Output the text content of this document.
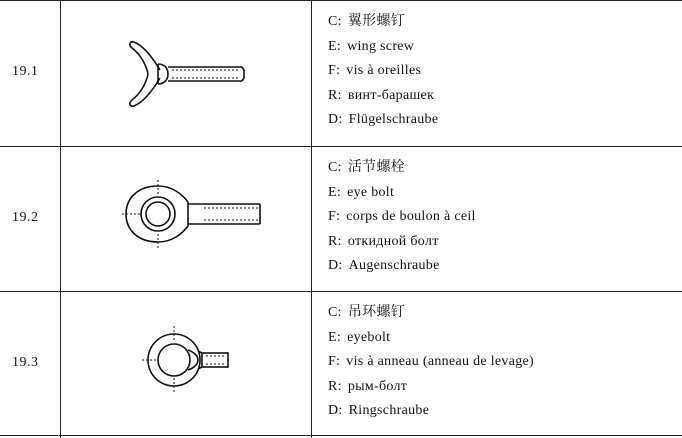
19.1
C: 翼形螺钉
E: wing screw
F: vis à oreilles
R: винт-барашек
D: Flügelschraube
19.2
C: 活节螺栓
E: eye bolt
F: corps de boulon à ceil
R: откидной болт
D: Augenschraube
19.3
C: 吊环螺钉
E: eyebolt
F: vis à anneau (anneau de levage)
R: рым-болт
D: Ringschraube
